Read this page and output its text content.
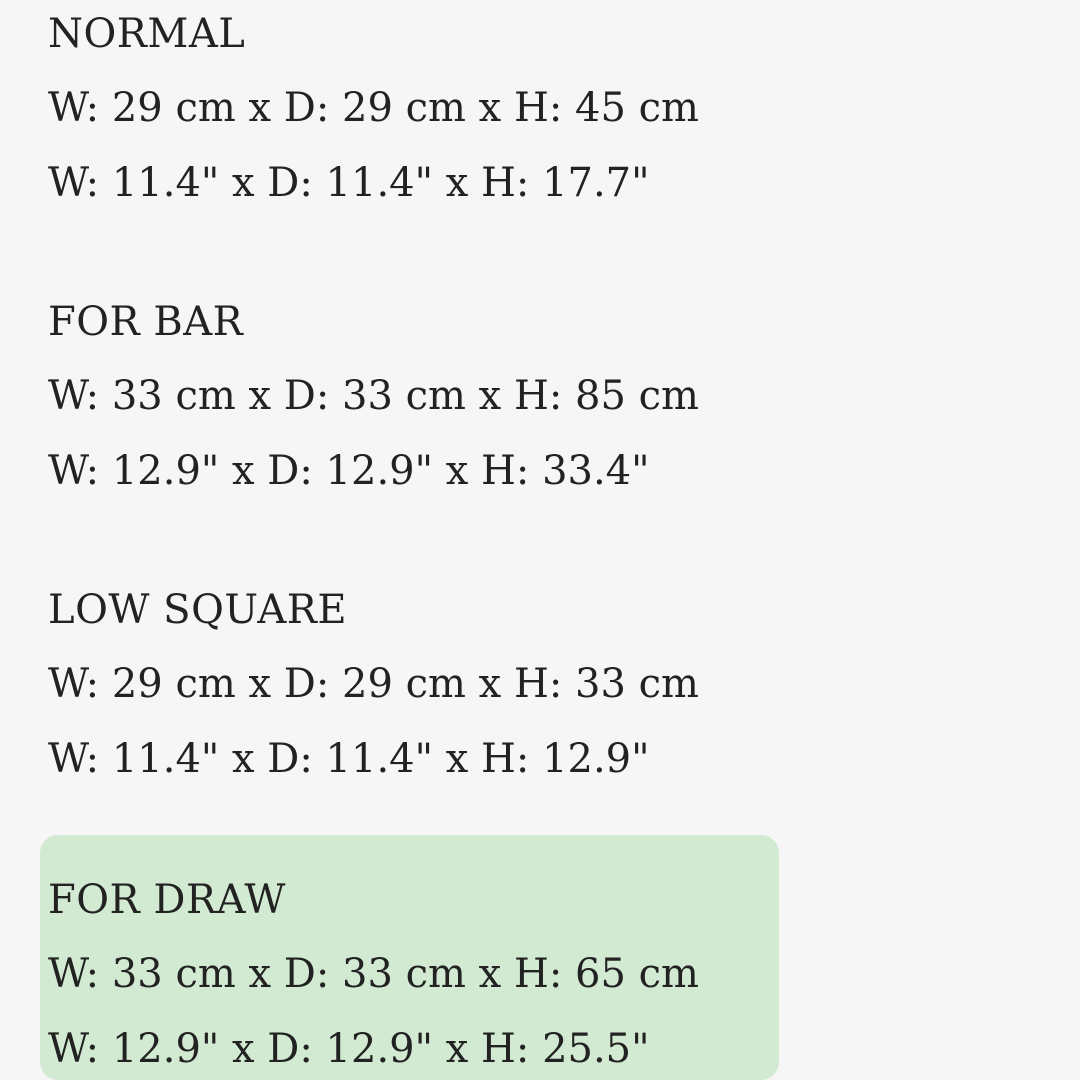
NORMAL
W: 29 cm x D: 29 cm x H: 45 cm
W: 11.4" x D: 11.4" x H: 17.7"
FOR BAR
W: 33 cm x D: 33 cm x H: 85 cm
W: 12.9" x D: 12.9" x H: 33.4"
LOW SQUARE
W: 29 cm x D: 29 cm x H: 33 cm
W: 11.4" x D: 11.4" x H: 12.9"
FOR DRAW
W: 33 cm x D: 33 cm x H: 65 cm
W: 12.9" x D: 12.9" x H: 25.5"
